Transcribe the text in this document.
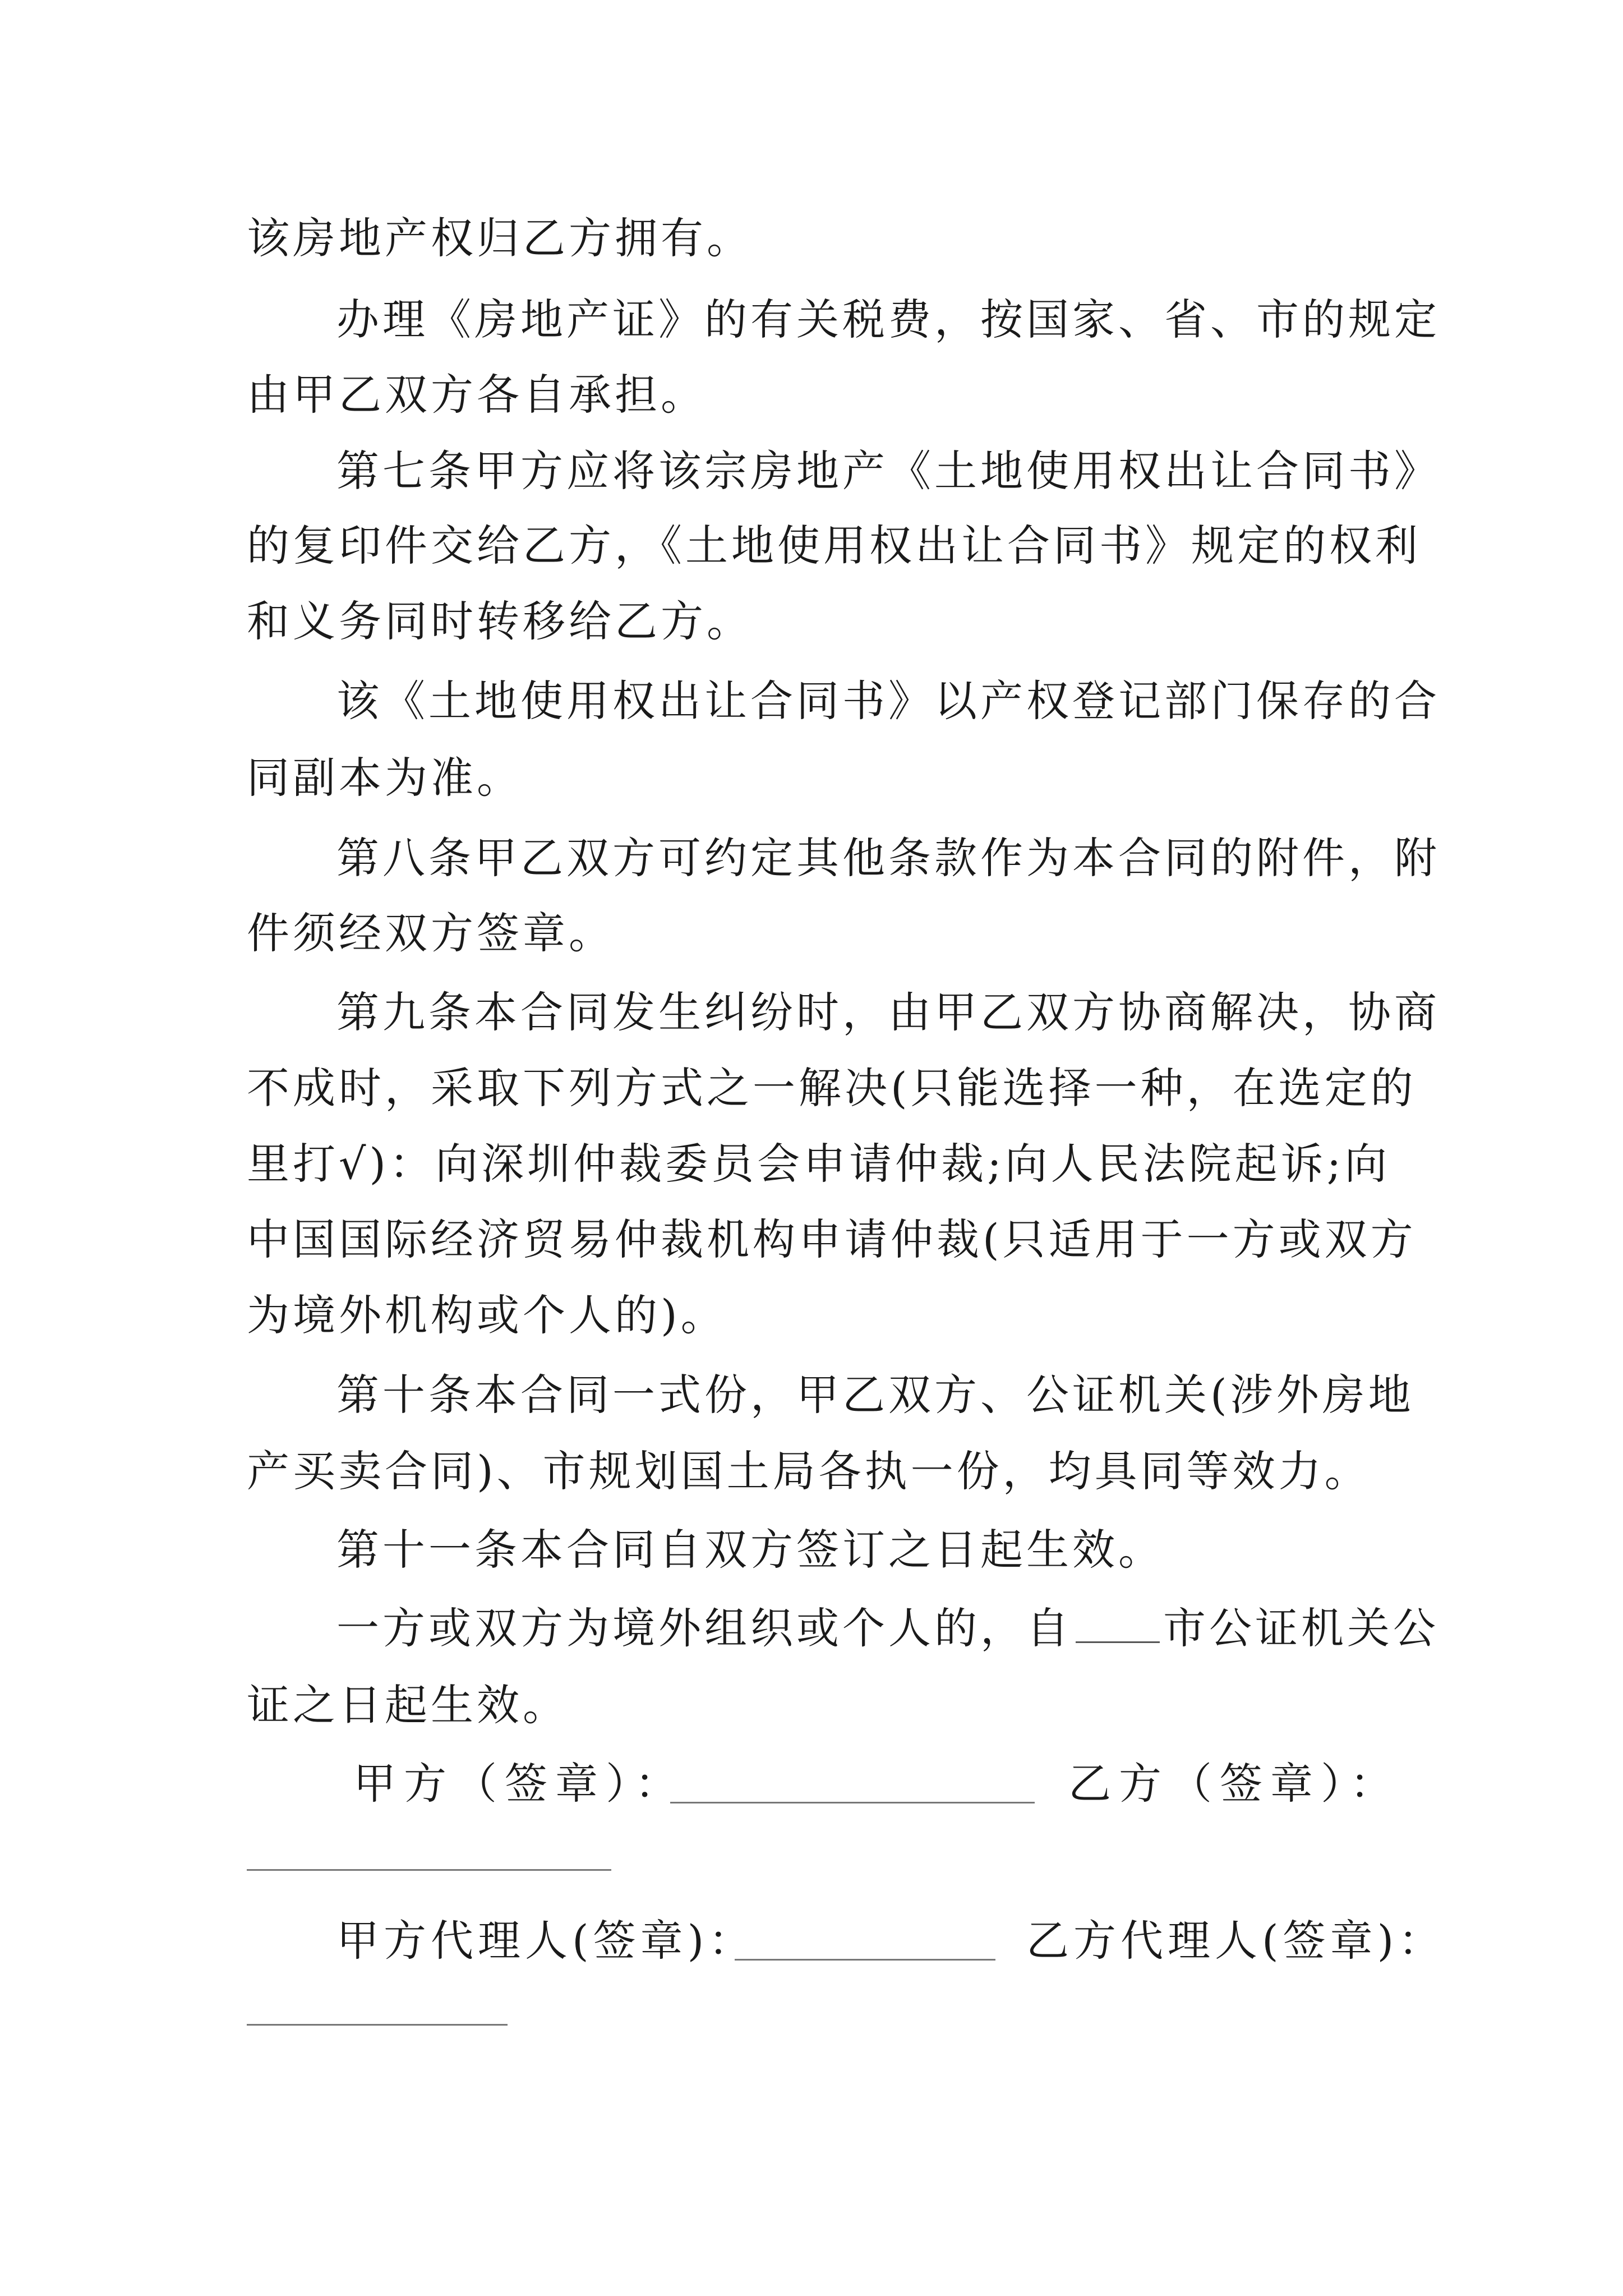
该房地产权归乙方拥有。

办理《房地产证》的有关税费，按国家、省、市的规定

由甲乙双方各自承担。

第七条甲方应将该宗房地产《土地使用权出让合同书》

的复印件交给乙方，《土地使用权出让合同书》规定的权利

和义务同时转移给乙方。

该《土地使用权出让合同书》以产权登记部门保存的合

同副本为准。

第八条甲乙双方可约定其他条款作为本合同的附件，附

件须经双方签章。

第九条本合同发生纠纷时，由甲乙双方协商解决，协商

不成时，采取下列方式之一解决(只能选择一种，在选定的

里打√)：向深圳仲裁委员会申请仲裁;向人民法院起诉;向

中国国际经济贸易仲裁机构申请仲裁(只适用于一方或双方

为境外机构或个人的)。

第十条本合同一式份，甲乙双方、公证机关(涉外房地

产买卖合同)、市规划国土局各执一份，均具同等效力。

第十一条本合同自双方签订之日起生效。

一方或双方为境外组织或个人的，自 市公证机关公

证之日起生效。

甲方（签章）：	乙方（签章）：
甲方代理人(签章)：	乙方代理人(签章)：
